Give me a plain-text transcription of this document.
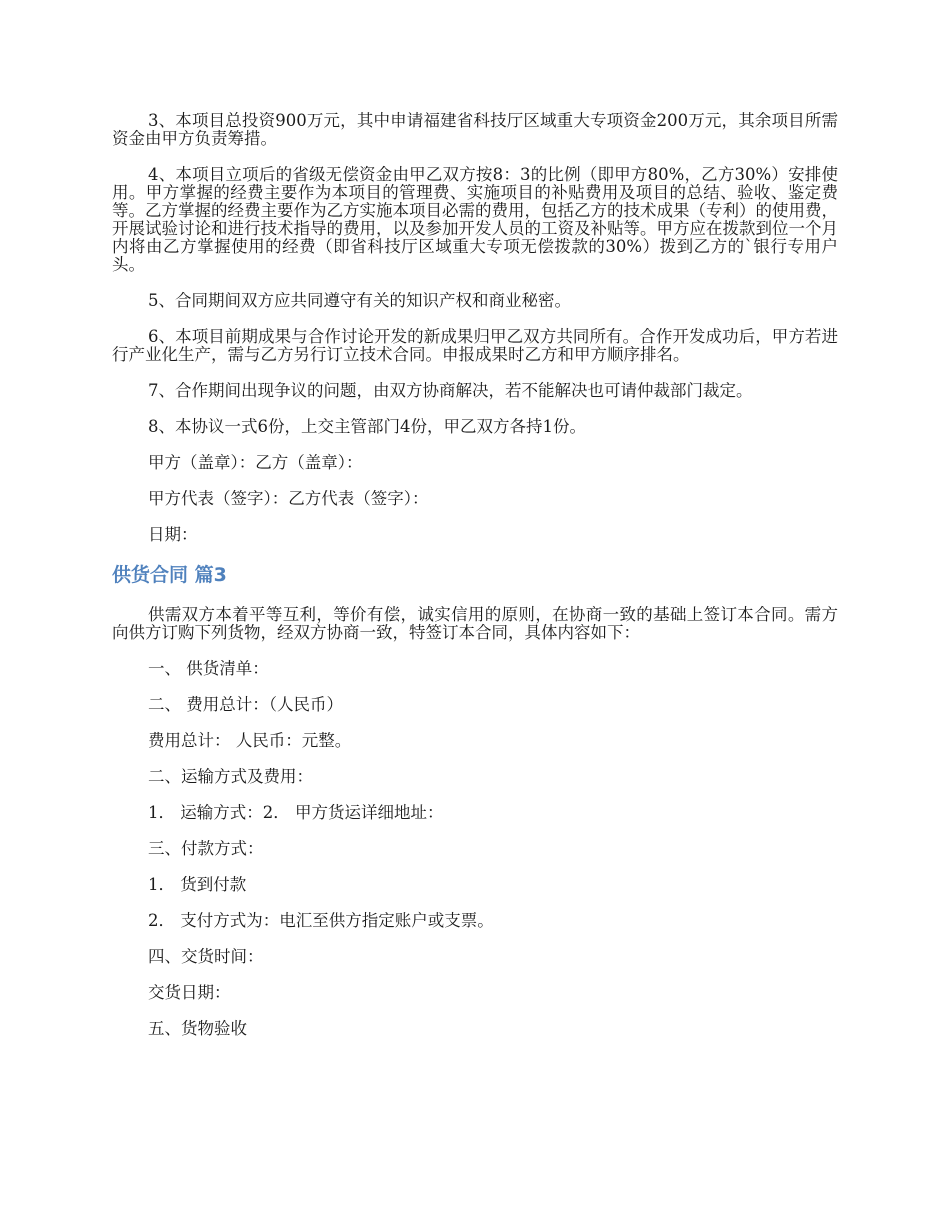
3、本项目总投资900万元，其中申请福建省科技厅区域重大专项资金200万元，其余项目所需资金由甲方负责筹措。

4、本项目立项后的省级无偿资金由甲乙双方按8：3的比例（即甲方80%，乙方30%）安排使用。甲方掌握的经费主要作为本项目的管理费、实施项目的补贴费用及项目的总结、验收、鉴定费等。乙方掌握的经费主要作为乙方实施本项目必需的费用，包括乙方的技术成果（专利）的使用费，开展试验讨论和进行技术指导的费用，以及参加开发人员的工资及补贴等。甲方应在拨款到位一个月内将由乙方掌握使用的经费（即省科技厅区域重大专项无偿拨款的30%）拨到乙方的`银行专用户头。

5、合同期间双方应共同遵守有关的知识产权和商业秘密。

6、本项目前期成果与合作讨论开发的新成果归甲乙双方共同所有。合作开发成功后，甲方若进行产业化生产，需与乙方另行订立技术合同。申报成果时乙方和甲方顺序排名。

7、合作期间出现争议的问题，由双方协商解决，若不能解决也可请仲裁部门裁定。

8、本协议一式6份，上交主管部门4份，甲乙双方各持1份。

甲方（盖章）：乙方（盖章）：
甲方代表（签字）：乙方代表（签字）：
日期：
供货合同 篇3

供需双方本着平等互利，等价有偿，诚实信用的原则，在协商一致的基础上签订本合同。需方向供方订购下列货物，经双方协商一致，特签订本合同，具体内容如下：

一、 供货清单：
二、 费用总计：（人民币）
费用总计： 人民币：元整。
二、运输方式及费用：
1． 运输方式：2． 甲方货运详细地址：
三、付款方式：
1． 货到付款
2． 支付方式为：电汇至供方指定账户或支票。
四、交货时间：
交货日期：
五、货物验收
